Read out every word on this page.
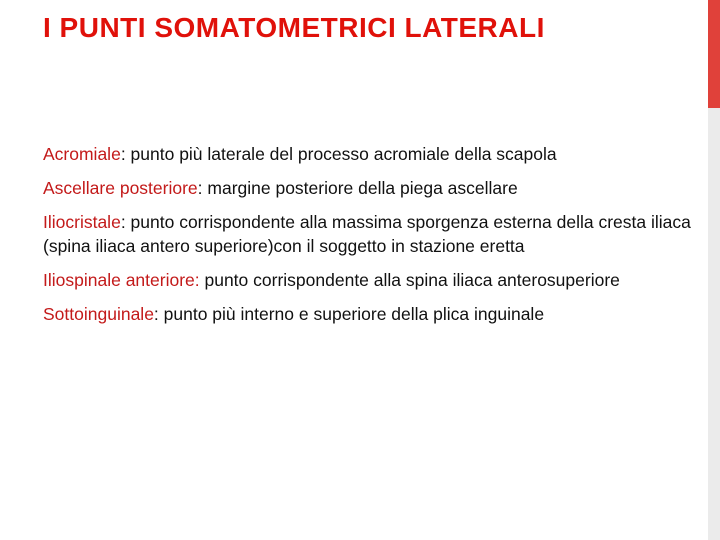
I PUNTI SOMATOMETRICI LATERALI
Acromiale: punto più laterale del processo acromiale della scapola
Ascellare posteriore: margine posteriore della piega ascellare
Iliocristale: punto corrispondente alla massima sporgenza esterna della cresta iliaca (spina iliaca antero superiore)con il soggetto in stazione eretta
Iliospinale anteriore: punto corrispondente alla spina iliaca anterosuperiore
Sottoinguinale: punto più interno e superiore della plica inguinale
